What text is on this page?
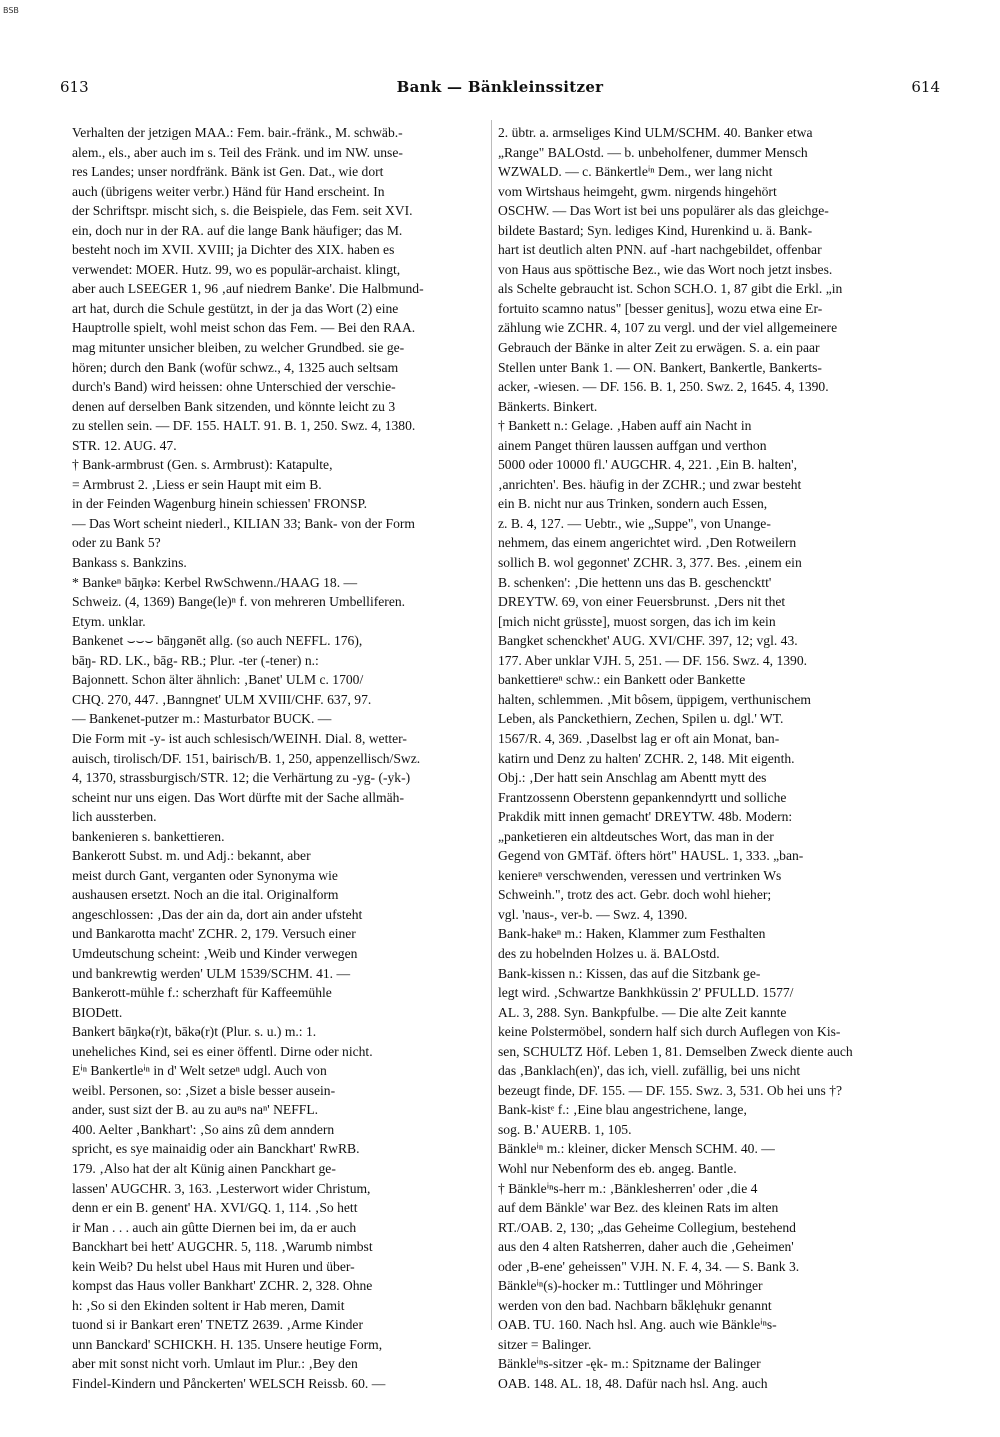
BSB
613	Bank — Bänkleinssitzer	614

Verhalten der jetzigen MAA.: Fem. bair.-fränk., M. schwäb.-

alem., els., aber auch im s. Teil des Fränk. und im NW. unse-

res Landes; unser nordfränk. Bänk ist Gen. Dat., wie dort

auch (übrigens weiter verbr.) Händ für Hand erscheint. In

der Schriftspr. mischt sich, s. die Beispiele, das Fem. seit XVI.

ein, doch nur in der RA. auf die lange Bank häufiger; das M.

besteht noch im XVII. XVIII; ja Dichter des XIX. haben es

verwendet: MOER. Hutz. 99, wo es populär-archaist. klingt,

aber auch LSEEGER 1, 96 ‚auf niedrem Banke'. Die Halbmund-

art hat, durch die Schule gestützt, in der ja das Wort (2) eine

Hauptrolle spielt, wohl meist schon das Fem. — Bei den RAA.

mag mitunter unsicher bleiben, zu welcher Grundbed. sie ge-

hören; durch den Bank (wofür schwz., 4, 1325 auch seltsam

durch's Band) wird heissen: ohne Unterschied der verschie-

denen auf derselben Bank sitzenden, und könnte leicht zu 3

zu stellen sein. — DF. 155. HALT. 91. B. 1, 250. Swz. 4, 1380.

STR. 12. AUG. 47.

† Bank-armbrust (Gen. s. Armbrust): Katapulte,

= Armbrust 2. ‚Liess er sein Haupt mit eim B.

in der Feinden Wagenburg hinein schiessen' FRONSP.

— Das Wort scheint niederl., KILIAN 33; Bank- von der Form

oder zu Bank 5?

Bankass s. Bankzins.

* Bankeⁿ bāŋkə: Kerbel RwSchwenn./HAAG 18. —

Schweiz. (4, 1369) Bange(le)ⁿ f. von mehreren Umbelliferen.

Etym. unklar.

Bankenet ⌣⌣⌣ bāŋgənēt allg. (so auch NEFFL. 176),

bāŋ- RD. LK., bāg- RB.; Plur. -ter (-tener) n.:

Bajonnett. Schon älter ähnlich: ‚Banet' ULM c. 1700/

CHQ. 270, 447. ‚Banngnet' ULM XVIII/CHF. 637, 97.

— Bankenet-putzer m.: Masturbator BUCK. —

Die Form mit -y- ist auch schlesisch/WEINH. Dial. 8, wetter-

auisch, tirolisch/DF. 151, bairisch/B. 1, 250, appenzellisch/Swz.

4, 1370, strassburgisch/STR. 12; die Verhärtung zu -yg- (-yk-)

scheint nur uns eigen. Das Wort dürfte mit der Sache allmäh-

lich aussterben.

bankenieren s. bankettieren.

Bankerott Subst. m. und Adj.: bekannt, aber

meist durch Gant, verganten oder Synonyma wie

aushausen ersetzt. Noch an die ital. Originalform

angeschlossen: ‚Das der ain da, dort ain ander ufsteht

und Bankarotta macht' ZCHR. 2, 179. Versuch einer

Umdeutschung scheint: ‚Weib und Kinder verwegen

und bankrewtig werden' ULM 1539/SCHM. 41. —

Bankerott-mühle f.: scherzhaft für Kaffeemühle

BIODett.

Bankert bāŋkə(r)t, bākə(r)t (Plur. s. u.) m.: 1.

uneheliches Kind, sei es einer öffentl. Dirne oder nicht.

Eⁱⁿ Bankertleⁱⁿ in d' Welt setzeⁿ udgl. Auch von

weibl. Personen, so: ‚Sizet a bisle besser ausein-

ander, sust sizt der B. au zu auⁿs naⁿ' NEFFL.

400. Aelter ‚Bankhart': ‚So ains zû dem anndern

spricht, es sye mainaidig oder ain Banckhart' RwRB.

179. ‚Also hat der alt Künig ainen Panckhart ge-

lassen' AUGCHR. 3, 163. ‚Lesterwort wider Christum,

denn er ein B. genent' HA. XVI/GQ. 1, 114. ‚So hett

ir Man . . . auch ain gûtte Diernen bei im, da er auch

Banckhart bei hett' AUGCHR. 5, 118. ‚Warumb nimbst

kein Weib? Du helst ubel Haus mit Huren und über-

kompst das Haus voller Bankhart' ZCHR. 2, 328. Ohne

h: ‚So si den Ekinden soltent ir Hab meren, Damit

tuond si ir Bankart eren' TNETZ 2639. ‚Arme Kinder

unn Banckard' SCHICKH. H. 135. Unsere heutige Form,

aber mit sonst nicht vorh. Umlaut im Plur.: ‚Bey den

Findel-Kindern und Pånckerten' WELSCH Reissb. 60. —

2. übtr. a. armseliges Kind ULM/SCHM. 40. Banker etwa

„Range" BALOstd. — b. unbeholfener, dummer Mensch

WZWALD. — c. Bänkertleⁱⁿ Dem., wer lang nicht

vom Wirtshaus heimgeht, gwm. nirgends hingehört

OSCHW. — Das Wort ist bei uns populärer als das gleichge-

bildete Bastard; Syn. lediges Kind, Hurenkind u. ä. Bank-

hart ist deutlich alten PNN. auf -hart nachgebildet, offenbar

von Haus aus spöttische Bez., wie das Wort noch jetzt insbes.

als Schelte gebraucht ist. Schon SCH.O. 1, 87 gibt die Erkl. „in

fortuito scamno natus" [besser genitus], wozu etwa eine Er-

zählung wie ZCHR. 4, 107 zu vergl. und der viel allgemeinere

Gebrauch der Bänke in alter Zeit zu erwägen. S. a. ein paar

Stellen unter Bank 1. — ON. Bankert, Bankertle, Bankerts-

acker, -wiesen. — DF. 156. B. 1, 250. Swz. 2, 1645. 4, 1390.

Bänkerts. Binkert.

† Bankett n.: Gelage. ‚Haben auff ain Nacht in

ainem Panget thüren laussen auffgan und verthon

5000 oder 10000 fl.' AUGCHR. 4, 221. ‚Ein B. halten',

‚anrichten'. Bes. häufig in der ZCHR.; und zwar besteht

ein B. nicht nur aus Trinken, sondern auch Essen,

z. B. 4, 127. — Uebtr., wie „Suppe", von Unange-

nehmem, das einem angerichtet wird. ‚Den Rotweilern

sollich B. wol gegonnet' ZCHR. 3, 377. Bes. ‚einem ein

B. schenken': ‚Die hettenn uns das B. geschencktt'

DREYTW. 69, von einer Feuersbrunst. ‚Ders nit thet

[mich nicht grüsste], muost sorgen, das ich im kein

Bangket schenckhet' AUG. XVI/CHF. 397, 12; vgl. 43.

177. Aber unklar VJH. 5, 251. — DF. 156. Swz. 4, 1390.

bankettiereⁿ schw.: ein Bankett oder Bankette

halten, schlemmen. ‚Mit bôsem, üppigem, verthunischem

Leben, als Panckethiern, Zechen, Spilen u. dgl.' WT.

1567/R. 4, 369. ‚Daselbst lag er oft ain Monat, ban-

katirn und Denz zu halten' ZCHR. 2, 148. Mit eigenth.

Obj.: ‚Der hatt sein Anschlag am Abentt mytt des

Frantzossenn Oberstenn gepankenndyrtt und solliche

Prakdik mitt innen gemacht' DREYTW. 48b. Modern:

„panketieren ein altdeutsches Wort, das man in der

Gegend von GMTäf. öfters hört" HAUSL. 1, 333. „ban-

keniereⁿ verschwenden, veressen und vertrinken Ws

Schweinh.", trotz des act. Gebr. doch wohl hieher;

vgl. 'naus-, ver-b. — Swz. 4, 1390.

Bank-hakeⁿ m.: Haken, Klammer zum Festhalten

des zu hobelnden Holzes u. ä. BALOstd.

Bank-kissen n.: Kissen, das auf die Sitzbank ge-

legt wird. ‚Schwartze Bankhküssin 2' PFULLD. 1577/

AL. 3, 288. Syn. Bankpfulbe. — Die alte Zeit kannte

keine Polstermöbel, sondern half sich durch Auflegen von Kis-

sen, SCHULTZ Höf. Leben 1, 81. Demselben Zweck diente auch

das ‚Banklach(en)', das ich, viell. zufällig, bei uns nicht

bezeugt finde, DF. 155. — DF. 155. Swz. 3, 531. Ob hei uns †?

Bank-kistᵉ f.: ‚Eine blau angestrichene, lange,

sog. B.' AUERB. 1, 105.

Bänkleⁱⁿ m.: kleiner, dicker Mensch SCHM. 40. —

Wohl nur Nebenform des eb. angeg. Bantle.

† Bänkleⁱⁿs-herr m.: ‚Bänklesherren' oder ‚die 4

auf dem Bänkle' war Bez. des kleinen Rats im alten

RT./OAB. 2, 130; „das Geheime Collegium, bestehend

aus den 4 alten Ratsherren, daher auch die ‚Geheimen'

oder ‚B-ene' geheissen" VJH. N. F. 4, 34. — S. Bank 3.

Bänkleⁱⁿ(s)-hocker m.: Tuttlinger und Möhringer

werden von den bad. Nachbarn bǟklęhukr genannt

OAB. TU. 160. Nach hsl. Ang. auch wie Bänkleⁱⁿs-

sitzer = Balinger.

Bänkleⁱⁿs-sitzer -ęk- m.: Spitzname der Balinger

OAB. 148. AL. 18, 48. Dafür nach hsl. Ang. auch
